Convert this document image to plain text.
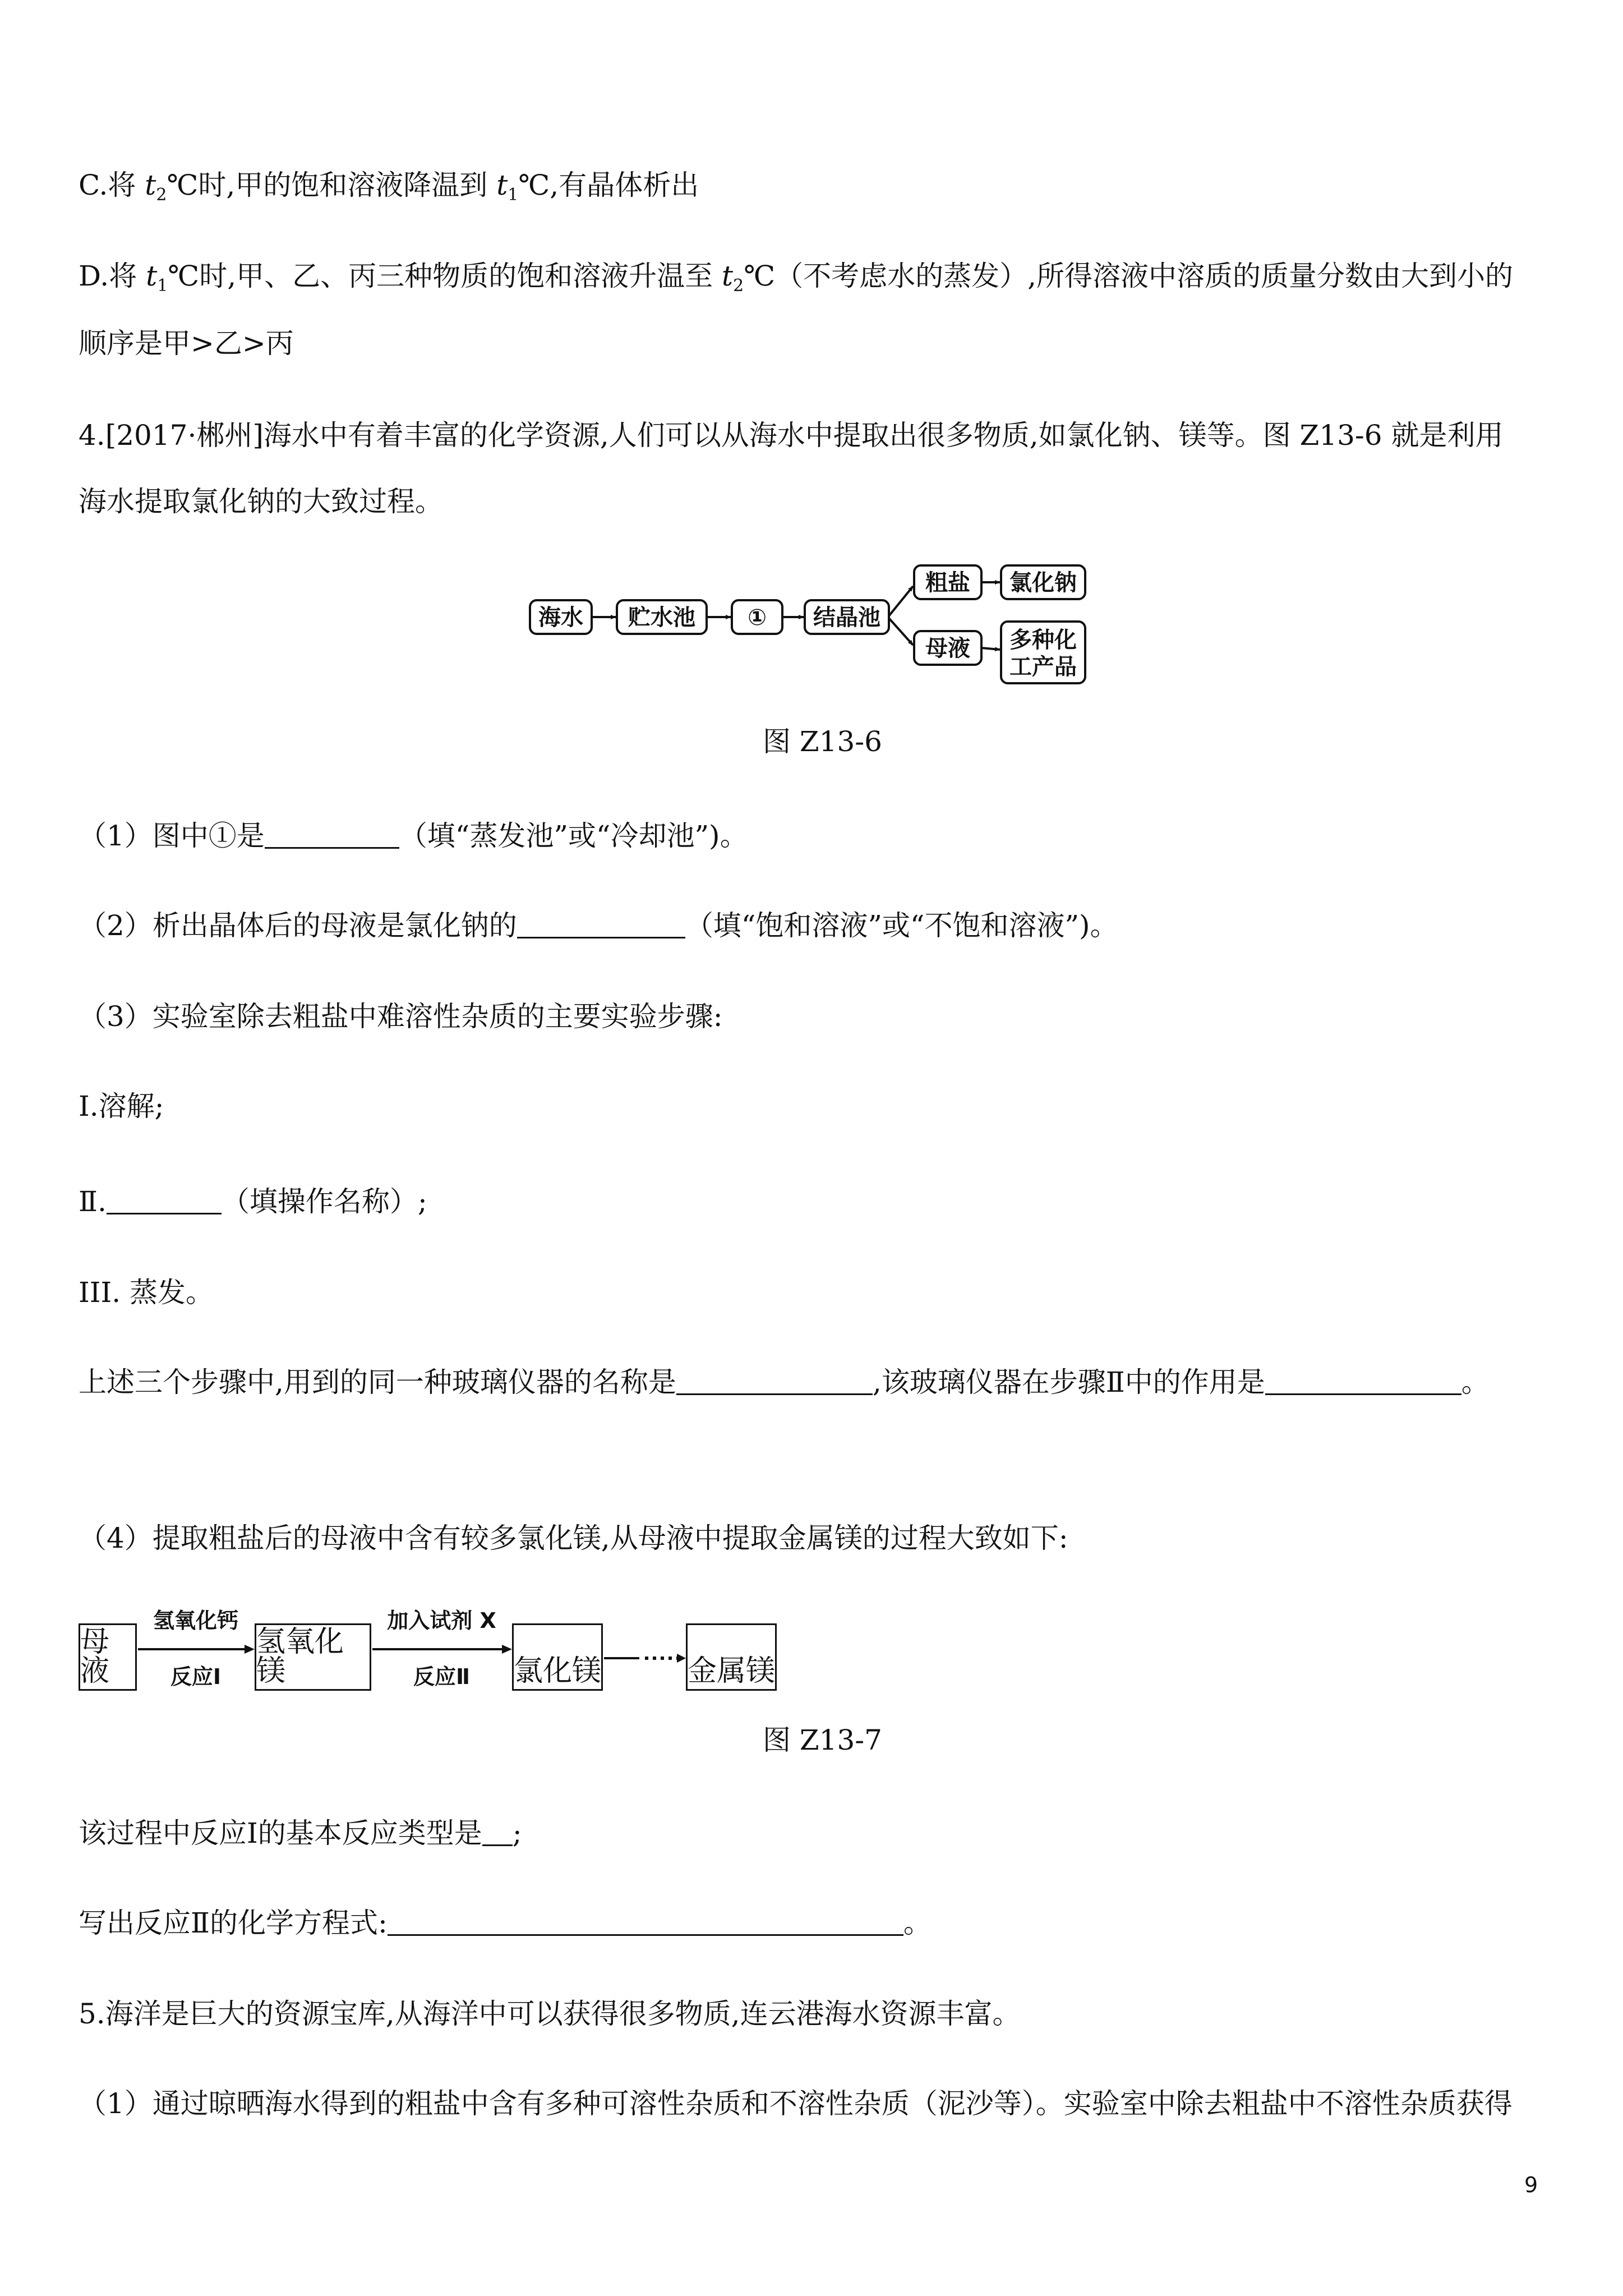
C.将 $t_2℃$时,甲的饱和溶液降温到 $t_1℃$,有晶体析出
D.将 $t_1℃$时,甲、乙、丙三种物质的饱和溶液升温至 $t_2℃$（不考虑水的蒸发）,所得溶液中溶质的质量分数由大到小的
顺序是甲>乙>丙
4.[2017·郴州]海水中有着丰富的化学资源,人们可以从海水中提取出很多物质,如氯化钠、镁等。图 Z13-6 就是利用
海水提取氯化钠的大致过程。
海水 贮水池 ① 结晶池
粗盐 氯化钠
母液 多种化
工产品
图 Z13-6
（1）图中①是	（填“蒸发池”或“冷却池”)。
（2）析出晶体后的母液是氯化钠的	（填“饱和溶液”或“不饱和溶液”)。
（3）实验室除去粗盐中难溶性杂质的主要实验步骤:
Ⅰ.溶解;
Ⅱ.	（填操作名称）;
III. 蒸发。
上述三个步骤中,用到的同一种玻璃仪器的名称是	,该玻璃仪器在步骤Ⅱ中的作用是	。
（4）提取粗盐后的母液中含有较多氯化镁,从母液中提取金属镁的过程大致如下:
母液
氢氧化镁	氯化镁	金属镁
氢氧化钙
反应Ⅰ
加入试剂 X
反应Ⅱ
图 Z13-7
该过程中反应Ⅰ的基本反应类型是 ;
写出反应Ⅱ的化学方程式:	。
5.海洋是巨大的资源宝库,从海洋中可以获得很多物质,连云港海水资源丰富。
（1）通过晾晒海水得到的粗盐中含有多种可溶性杂质和不溶性杂质（泥沙等）。实验室中除去粗盐中不溶性杂质获得
9
